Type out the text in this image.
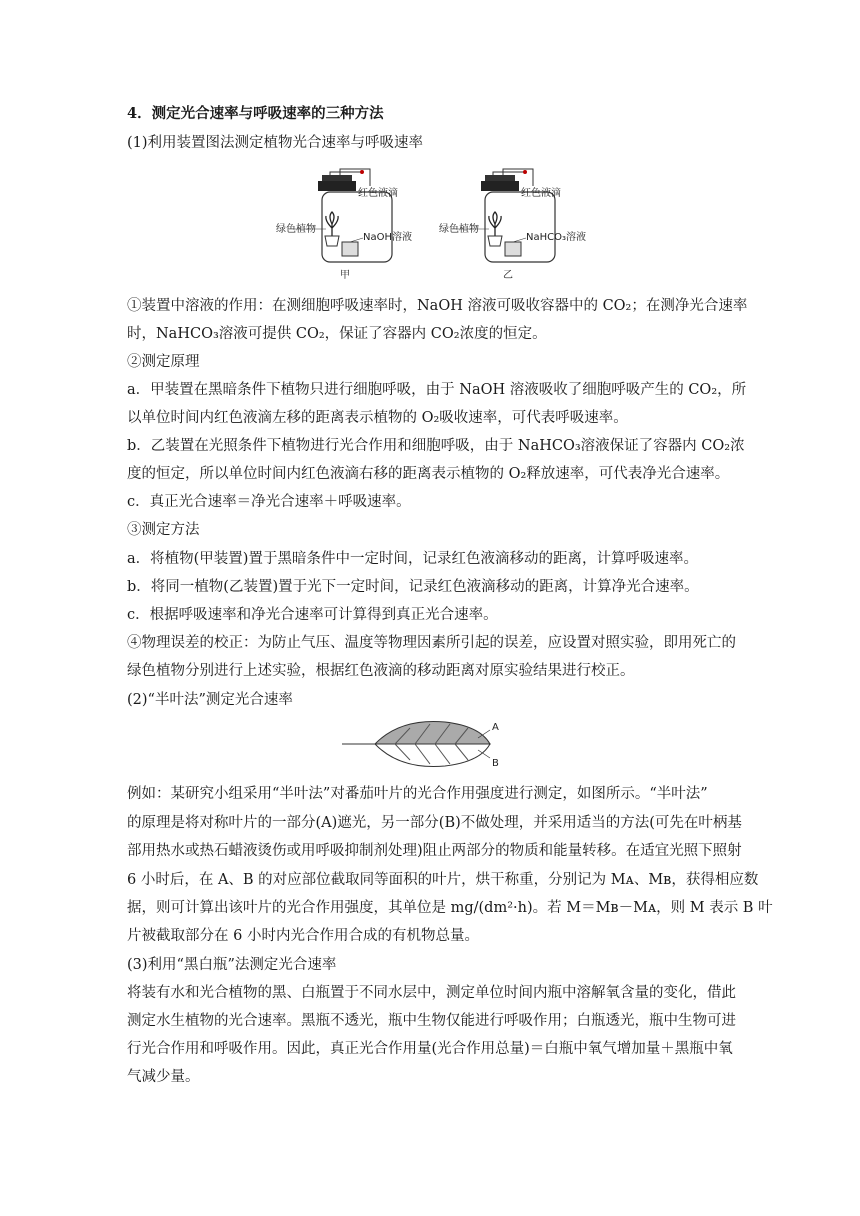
4．测定光合速率与呼吸速率的三种方法
(1)利用装置图法测定植物光合速率与呼吸速率
红色液滴
绿色植物
NaOH溶液
甲
红色液滴
绿色植物
NaHCO₃溶液
乙
①装置中溶液的作用：在测细胞呼吸速率时，NaOH 溶液可吸收容器中的 CO₂；在测净光合速率
时，NaHCO₃溶液可提供 CO₂，保证了容器内 CO₂浓度的恒定。
②测定原理
a．甲装置在黑暗条件下植物只进行细胞呼吸，由于 NaOH 溶液吸收了细胞呼吸产生的 CO₂，所
以单位时间内红色液滴左移的距离表示植物的 O₂吸收速率，可代表呼吸速率。
b．乙装置在光照条件下植物进行光合作用和细胞呼吸，由于 NaHCO₃溶液保证了容器内 CO₂浓
度的恒定，所以单位时间内红色液滴右移的距离表示植物的 O₂释放速率，可代表净光合速率。
c．真正光合速率＝净光合速率＋呼吸速率。
③测定方法
a．将植物(甲装置)置于黑暗条件中一定时间，记录红色液滴移动的距离，计算呼吸速率。
b．将同一植物(乙装置)置于光下一定时间，记录红色液滴移动的距离，计算净光合速率。
c．根据呼吸速率和净光合速率可计算得到真正光合速率。
④物理误差的校正：为防止气压、温度等物理因素所引起的误差，应设置对照实验，即用死亡的
绿色植物分别进行上述实验，根据红色液滴的移动距离对原实验结果进行校正。
(2)“半叶法”测定光合速率
A
B
例如：某研究小组采用“半叶法”对番茄叶片的光合作用强度进行测定，如图所示。“半叶法”
的原理是将对称叶片的一部分(A)遮光，另一部分(B)不做处理，并采用适当的方法(可先在叶柄基
部用热水或热石蜡液烫伤或用呼吸抑制剂处理)阻止两部分的物质和能量转移。在适宜光照下照射
6 小时后，在 A、B 的对应部位截取同等面积的叶片，烘干称重，分别记为 Mᴀ、Mʙ，获得相应数
据，则可计算出该叶片的光合作用强度，其单位是 mg/(dm²·h)。若 M＝Mʙ－Mᴀ，则 M 表示 B 叶
片被截取部分在 6 小时内光合作用合成的有机物总量。
(3)利用“黑白瓶”法测定光合速率
将装有水和光合植物的黑、白瓶置于不同水层中，测定单位时间内瓶中溶解氧含量的变化，借此
测定水生植物的光合速率。黑瓶不透光，瓶中生物仅能进行呼吸作用；白瓶透光，瓶中生物可进
行光合作用和呼吸作用。因此，真正光合作用量(光合作用总量)＝白瓶中氧气增加量＋黑瓶中氧
气减少量。
